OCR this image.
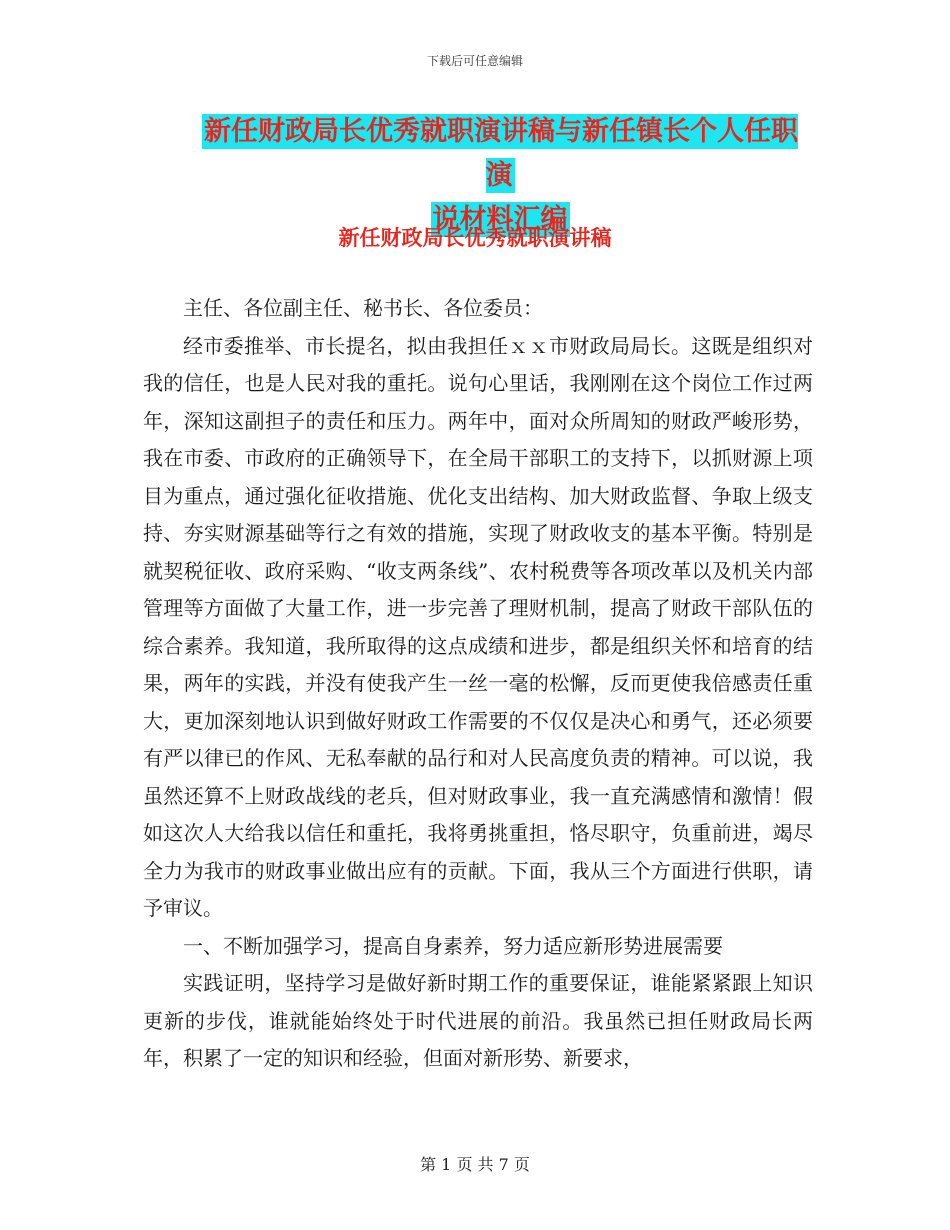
下载后可任意编辑
新任财政局长优秀就职演讲稿与新任镇长个人任职演
说材料汇编
新任财政局长优秀就职演讲稿

主任、各位副主任、秘书长、各位委员：

经市委推举、市长提名，拟由我担任ｘｘ市财政局局长。这既是组织对我的信任，也是人民对我的重托。说句心里话，我刚刚在这个岗位工作过两年，深知这副担子的责任和压力。两年中，面对众所周知的财政严峻形势，我在市委、市政府的正确领导下，在全局干部职工的支持下，以抓财源上项目为重点，通过强化征收措施、优化支出结构、加大财政监督、争取上级支持、夯实财源基础等行之有效的措施，实现了财政收支的基本平衡。特别是就契税征收、政府采购、“收支两条线”、农村税费等各项改革以及机关内部管理等方面做了大量工作，进一步完善了理财机制，提高了财政干部队伍的综合素养。我知道，我所取得的这点成绩和进步，都是组织关怀和培育的结果，两年的实践，并没有使我产生一丝一毫的松懈，反而更使我倍感责任重大，更加深刻地认识到做好财政工作需要的不仅仅是决心和勇气，还必须要有严以律已的作风、无私奉献的品行和对人民高度负责的精神。可以说，我虽然还算不上财政战线的老兵，但对财政事业，我一直充满感情和激情！假如这次人大给我以信任和重托，我将勇挑重担，恪尽职守，负重前进，竭尽全力为我市的财政事业做出应有的贡献。下面，我从三个方面进行供职，请予审议。

一、不断加强学习，提高自身素养，努力适应新形势进展需要

实践证明，坚持学习是做好新时期工作的重要保证，谁能紧紧跟上知识更新的步伐，谁就能始终处于时代进展的前沿。我虽然已担任财政局长两年，积累了一定的知识和经验，但面对新形势、新要求，

第 1 页 共 7 页
